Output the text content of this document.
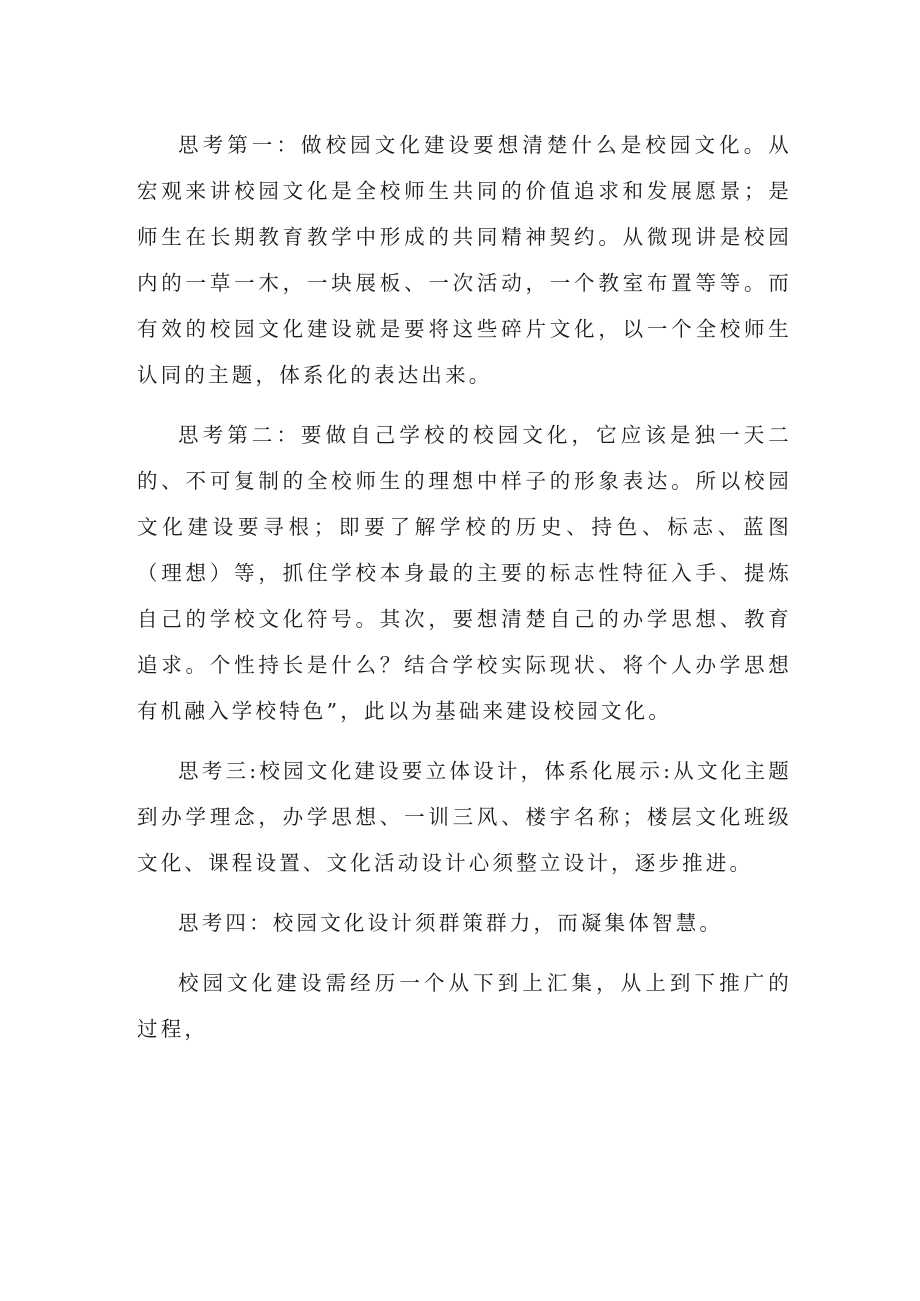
思考第一：做校园文化建设要想清楚什么是校园文化。从宏观来讲校园文化是全校师生共同的价值追求和发展愿景；是师生在长期教育教学中形成的共同精神契约。从微现讲是校园内的一草一木，一块展板、一次活动，一个教室布置等等。而有效的校园文化建设就是要将这些碎片文化，以一个全校师生认同的主题，体系化的表达出来。

思考第二：要做自己学校的校园文化，它应该是独一天二的、不可复制的全校师生的理想中样子的形象表达。所以校园文化建设要寻根；即要了解学校的历史、持色、标志、蓝图（理想）等，抓住学校本身最的主要的标志性特征入手、提炼自己的学校文化符号。其次，要想清楚自己的办学思想、教育追求。个性持长是什么？结合学校实际现状、将个人办学思想有机融入学校特色”，此以为基础来建设校园文化。

思考三:校园文化建设要立体设计，体系化展示:从文化主题到办学理念，办学思想、一训三风、楼宇名称；楼层文化班级文化、课程设置、文化活动设计心须整立设计，逐步推进。

思考四：校园文化设计须群策群力，而凝集体智慧。

校园文化建设需经历一个从下到上汇集，从上到下推广的过程，
